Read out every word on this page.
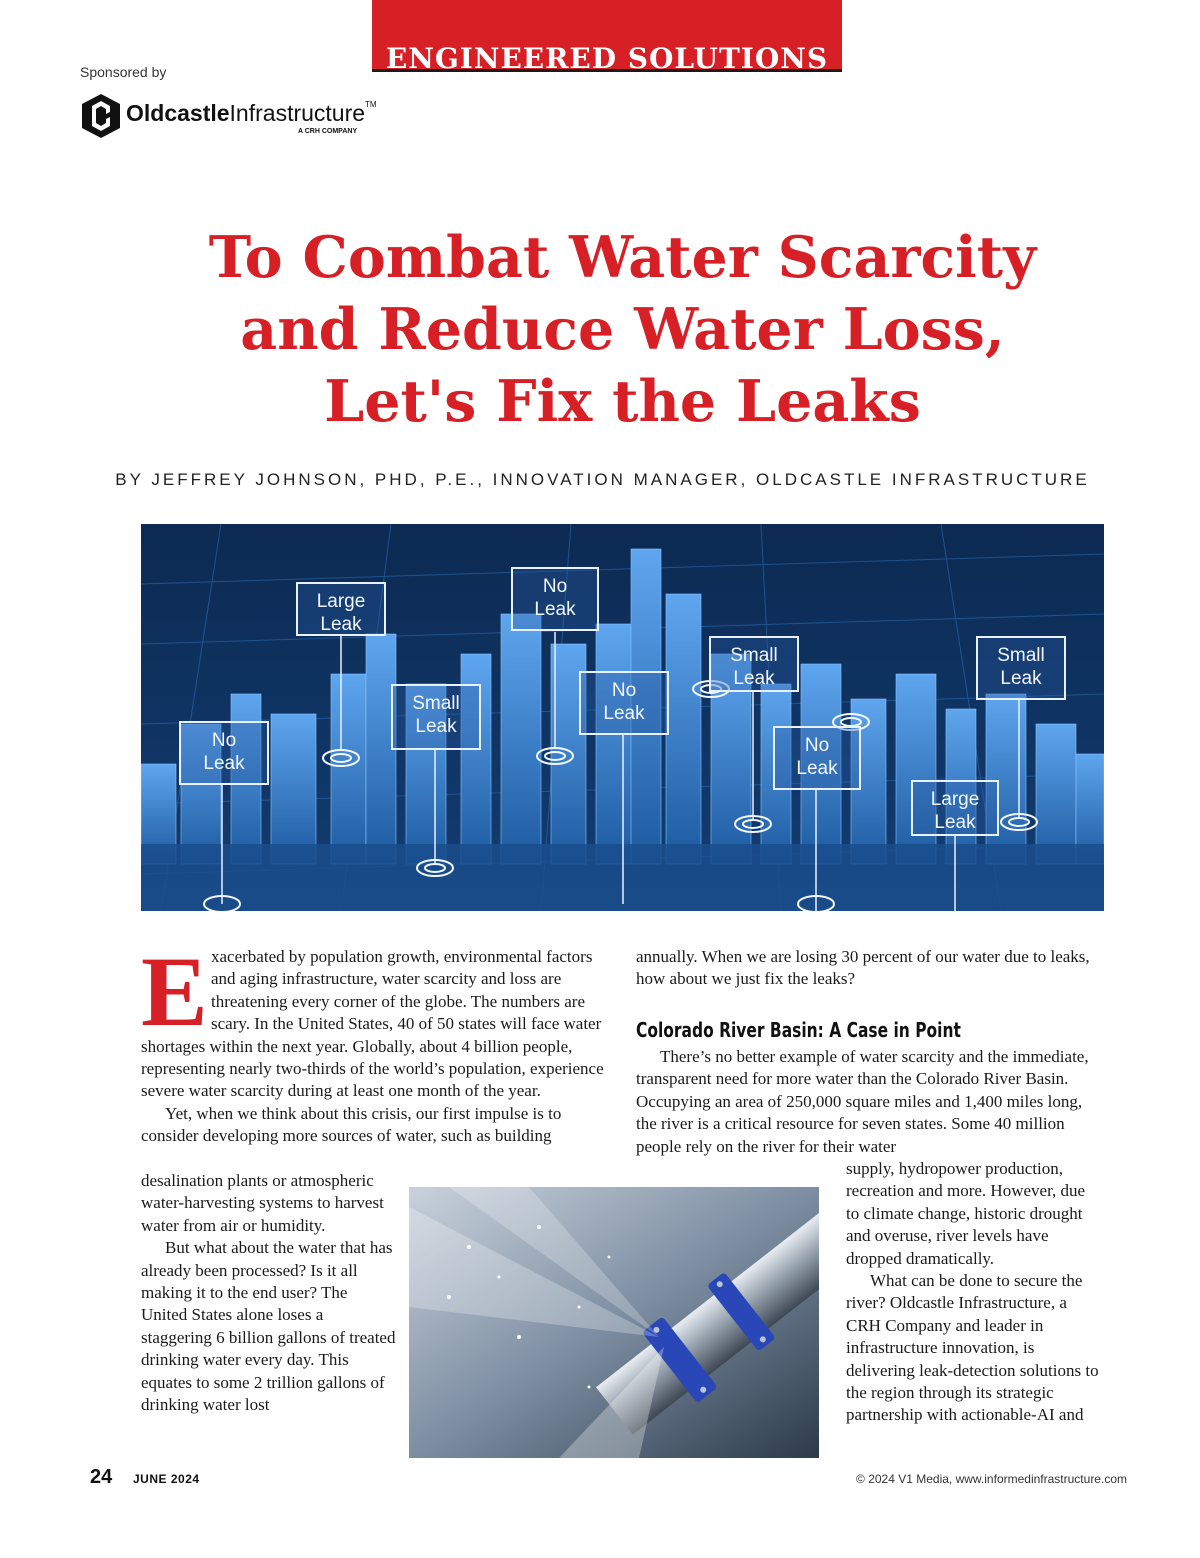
ENGINEERED SOLUTIONS
Sponsored by
OldcastleInfrastructure™
A CRH COMPANY
To Combat Water Scarcity
and Reduce Water Loss,
Let's Fix the Leaks
BY JEFFREY JOHNSON, PHD, P.E., INNOVATION MANAGER, OLDCASTLE INFRASTRUCTURE
Large
Leak
No
Leak
Small
Leak
No
Leak
No
Leak
Small
Leak
Small
Leak
No
Leak
Large
Leak
E xacerbated by population growth, environmental factors and aging infrastructure, water scarcity and loss are threatening every corner of the globe. The numbers are scary. In the United States, 40 of 50 states will face water shortages within the next year. Globally, about 4 billion people, representing nearly two-thirds of the world’s population, experience severe water scarcity during at least one month of the year.

Yet, when we think about this crisis, our first impulse is to consider developing more sources of water, such as building

desalination plants or atmospheric water-harvesting systems to harvest water from air or humidity.

But what about the water that has already been processed? Is it all making it to the end user? The United States alone loses a staggering 6 billion gallons of treated drinking water every day. This equates to some 2 trillion gallons of drinking water lost

annually. When we are losing 30 percent of our water due to leaks, how about we just fix the leaks?

Colorado River Basin: A Case in Point

There’s no better example of water scarcity and the immediate, transparent need for more water than the Colorado River Basin. Occupying an area of 250,000 square miles and 1,400 miles long, the river is a critical resource for seven states. Some 40 million people rely on the river for their water

supply, hydropower production, recreation and more. However, due to climate change, historic drought and overuse, river levels have dropped dramatically.

What can be done to secure the river? Oldcastle Infrastructure, a CRH Company and leader in infrastructure innovation, is delivering leak-detection solutions to the region through its strategic partnership with actionable-AI and

24 JUNE 2024	© 2024 V1 Media, www.informedinfrastructure.com
